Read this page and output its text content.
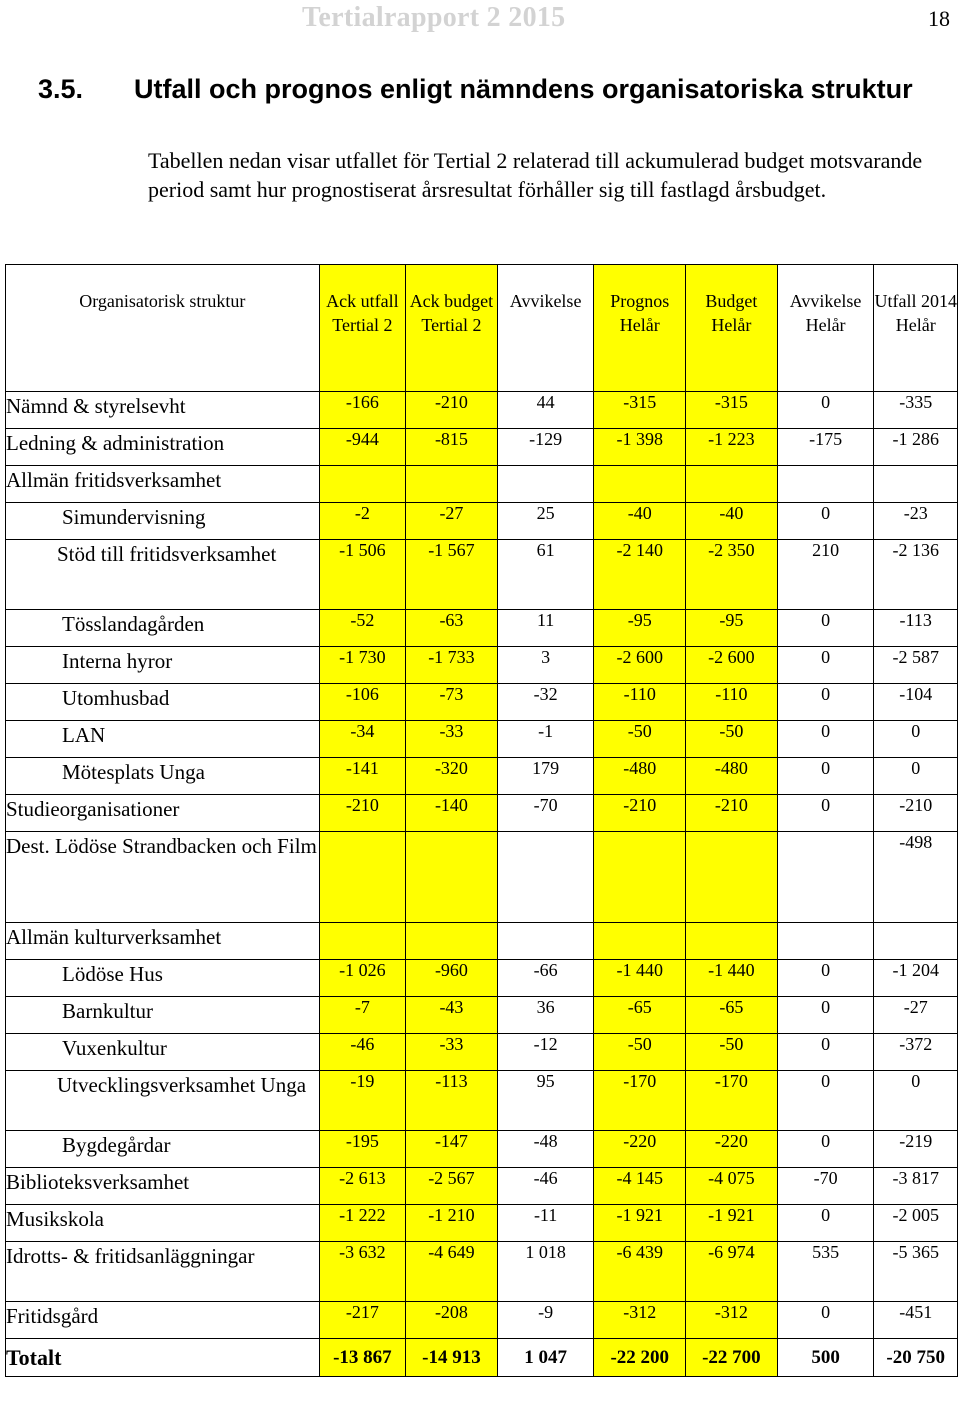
Tertialrapport 2 2015	18
3.5. Utfall och prognos enligt nämndens organisatoriska struktur
Tabellen nedan visar utfallet för Tertial 2 relaterad till ackumulerad budget motsvarande period samt hur prognostiserat årsresultat förhåller sig till fastlagd årsbudget.
Organisatorisk struktur	Ack utfall Tertial 2	Ack budget Tertial 2	Avvikelse	Prognos Helår	Budget Helår	Avvikelse Helår	Utfall 2014 Helår
Nämnd & styrelsevht	-166	-210	44	-315	-315	0	-335
Ledning & administration	-944	-815	-129	-1 398	-1 223	-175	-1 286
Allmän fritidsverksamhet							
Simundervisning	-2	-27	25	-40	-40	0	-23
Stöd till fritidsverksamhet	-1 506	-1 567	61	-2 140	-2 350	210	-2 136
Tösslandagården	-52	-63	11	-95	-95	0	-113
Interna hyror	-1 730	-1 733	3	-2 600	-2 600	0	-2 587
Utomhusbad	-106	-73	-32	-110	-110	0	-104
LAN	-34	-33	-1	-50	-50	0	0
Mötesplats Unga	-141	-320	179	-480	-480	0	0
Studieorganisationer	-210	-140	-70	-210	-210	0	-210
Dest. Lödöse Strandbacken och Film							-498
Allmän kulturverksamhet							
Lödöse Hus	-1 026	-960	-66	-1 440	-1 440	0	-1 204
Barnkultur	-7	-43	36	-65	-65	0	-27
Vuxenkultur	-46	-33	-12	-50	-50	0	-372
Utvecklingsverksamhet Unga	-19	-113	95	-170	-170	0	0
Bygdegårdar	-195	-147	-48	-220	-220	0	-219
Biblioteksverksamhet	-2 613	-2 567	-46	-4 145	-4 075	-70	-3 817
Musikskola	-1 222	-1 210	-11	-1 921	-1 921	0	-2 005
Idrotts- & fritidsanläggningar	-3 632	-4 649	1 018	-6 439	-6 974	535	-5 365
Fritidsgård	-217	-208	-9	-312	-312	0	-451
Totalt	-13 867	-14 913	1 047	-22 200	-22 700	500	-20 750
